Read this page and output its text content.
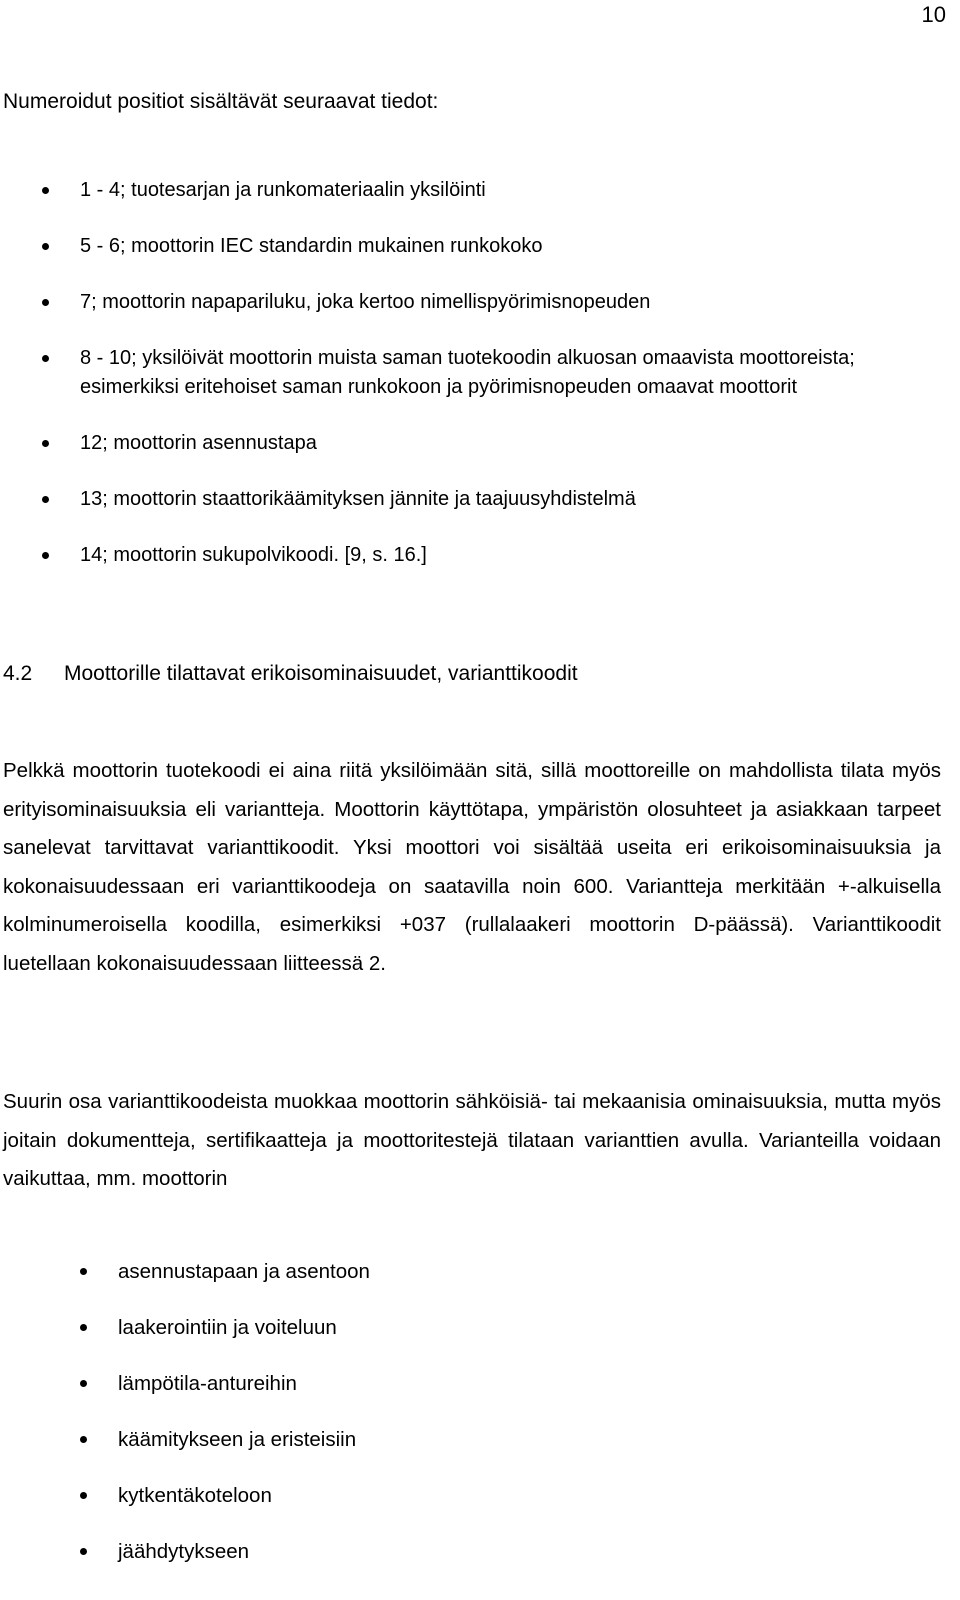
10

Numeroidut positiot sisältävät seuraavat tiedot:

1 - 4; tuotesarjan ja runkomateriaalin yksilöinti
5 - 6; moottorin IEC standardin mukainen runkokoko
7; moottorin napapariluku, joka kertoo nimellispyörimisnopeuden
8 - 10; yksilöivät moottorin muista saman tuotekoodin alkuosan omaavista moottoreista; esimerkiksi eritehoiset saman runkokoon ja pyörimisnopeuden omaavat moottorit
12; moottorin asennustapa
13; moottorin staattorikäämityksen jännite ja taajuusyhdistelmä
14; moottorin sukupolvikoodi. [9, s. 16.]
4.2 Moottorille tilattavat erikoisominaisuudet, varianttikoodit

Pelkkä moottorin tuotekoodi ei aina riitä yksilöimään sitä, sillä moottoreille on mahdollista tilata myös erityisominaisuuksia eli variantteja. Moottorin käyttötapa, ympäristön olosuhteet ja asiakkaan tarpeet sanelevat tarvittavat varianttikoodit. Yksi moottori voi sisältää useita eri erikoisominaisuuksia ja kokonaisuudessaan eri varianttikoodeja on saatavilla noin 600. Variantteja merkitään +-alkuisella kolminumeroisella koodilla, esimerkiksi +037 (rullalaakeri moottorin D-päässä). Varianttikoodit luetellaan kokonaisuudessaan liitteessä 2.

Suurin osa varianttikoodeista muokkaa moottorin sähköisiä- tai mekaanisia ominaisuuksia, mutta myös joitain dokumentteja, sertifikaatteja ja moottoritestejä tilataan varianttien avulla. Varianteilla voidaan vaikuttaa, mm. moottorin

asennustapaan ja asentoon
laakerointiin ja voiteluun
lämpötila-antureihin
käämitykseen ja eristeisiin
kytkentäkoteloon
jäähdytykseen
